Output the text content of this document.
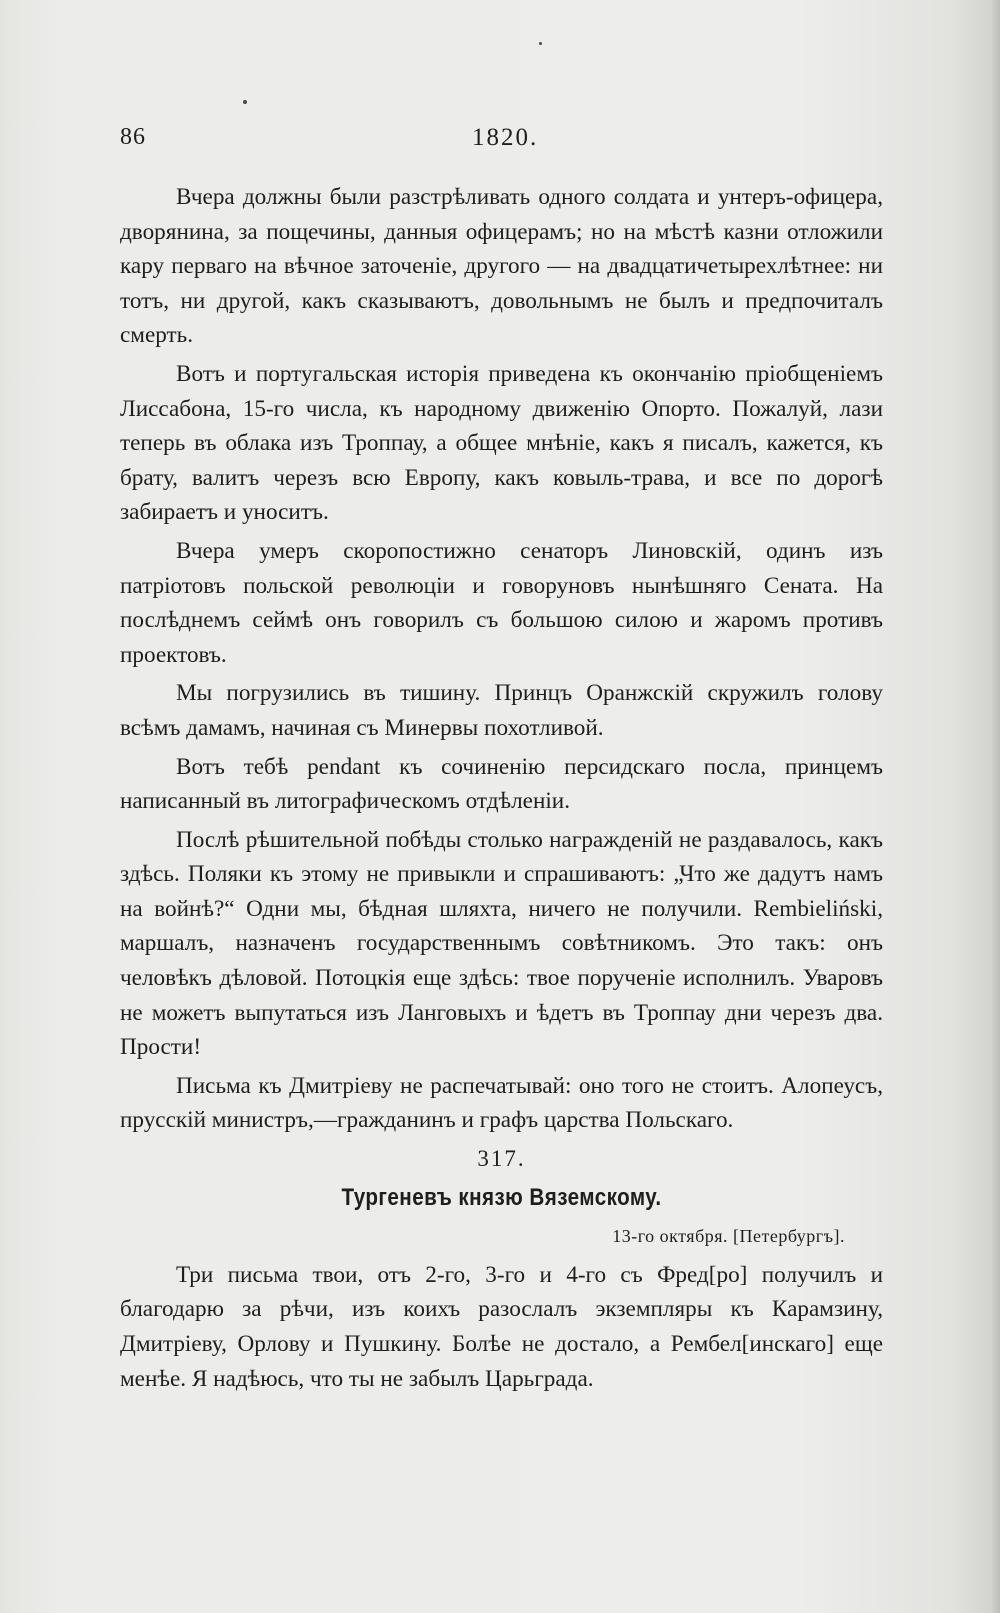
86	1820.

Вчера должны были разстрѣливать одного солдата и унтеръ-офицера, дворянина, за пощечины, данныя офицерамъ; но на мѣстѣ казни отложили кару перваго на вѣчное заточеніе, другого — на двадцатичетырехлѣтнее: ни тотъ, ни другой, какъ сказываютъ, довольнымъ не былъ и предпочиталъ смерть.

Вотъ и португальская исторія приведена къ окончанію пріобщеніемъ Лиссабона, 15-го числа, къ народному движенію Опорто. Пожалуй, лази теперь въ облака изъ Троппау, а общее мнѣніе, какъ я писалъ, кажется, къ брату, валитъ черезъ всю Европу, какъ ковыль-трава, и все по дорогѣ забираетъ и уноситъ.

Вчера умеръ скоропостижно сенаторъ Линовскій, одинъ изъ патріотовъ польской революціи и говоруновъ нынѣшняго Сената. На послѣднемъ сеймѣ онъ говорилъ съ большою силою и жаромъ противъ проектовъ.

Мы погрузились въ тишину. Принцъ Оранжскій скружилъ голову всѣмъ дамамъ, начиная съ Минервы похотливой.

Вотъ тебѣ pendant къ сочиненію персидскаго посла, принцемъ написанный въ литографическомъ отдѣленіи.

Послѣ рѣшительной побѣды столько награжденій не раздавалось, какъ здѣсь. Поляки къ этому не привыкли и спрашиваютъ: „Что же дадутъ намъ на войнѣ?“ Одни мы, бѣдная шляхта, ничего не получили. Rembieliński, маршалъ, назначенъ государственнымъ совѣтникомъ. Это такъ: онъ человѣкъ дѣловой. Потоцкія еще здѣсь: твое порученіе исполнилъ. Уваровъ не можетъ выпутаться изъ Ланговыхъ и ѣдетъ въ Троппау дни черезъ два. Прости!

Письма къ Дмитріеву не распечатывай: оно того не стоитъ. Алопеусъ, прусскій министръ,—гражданинъ и графъ царства Польскаго.

317.

Тургеневъ князю Вяземскому.

13-го октября. [Петербургъ].

Три письма твои, отъ 2-го, 3-го и 4-го съ Фред[ро] получилъ и благодарю за рѣчи, изъ коихъ разослалъ экземпляры къ Карамзину, Дмитріеву, Орлову и Пушкину. Болѣе не достало, а Рембел[инскаго] еще менѣе. Я надѣюсь, что ты не забылъ Царьграда.
